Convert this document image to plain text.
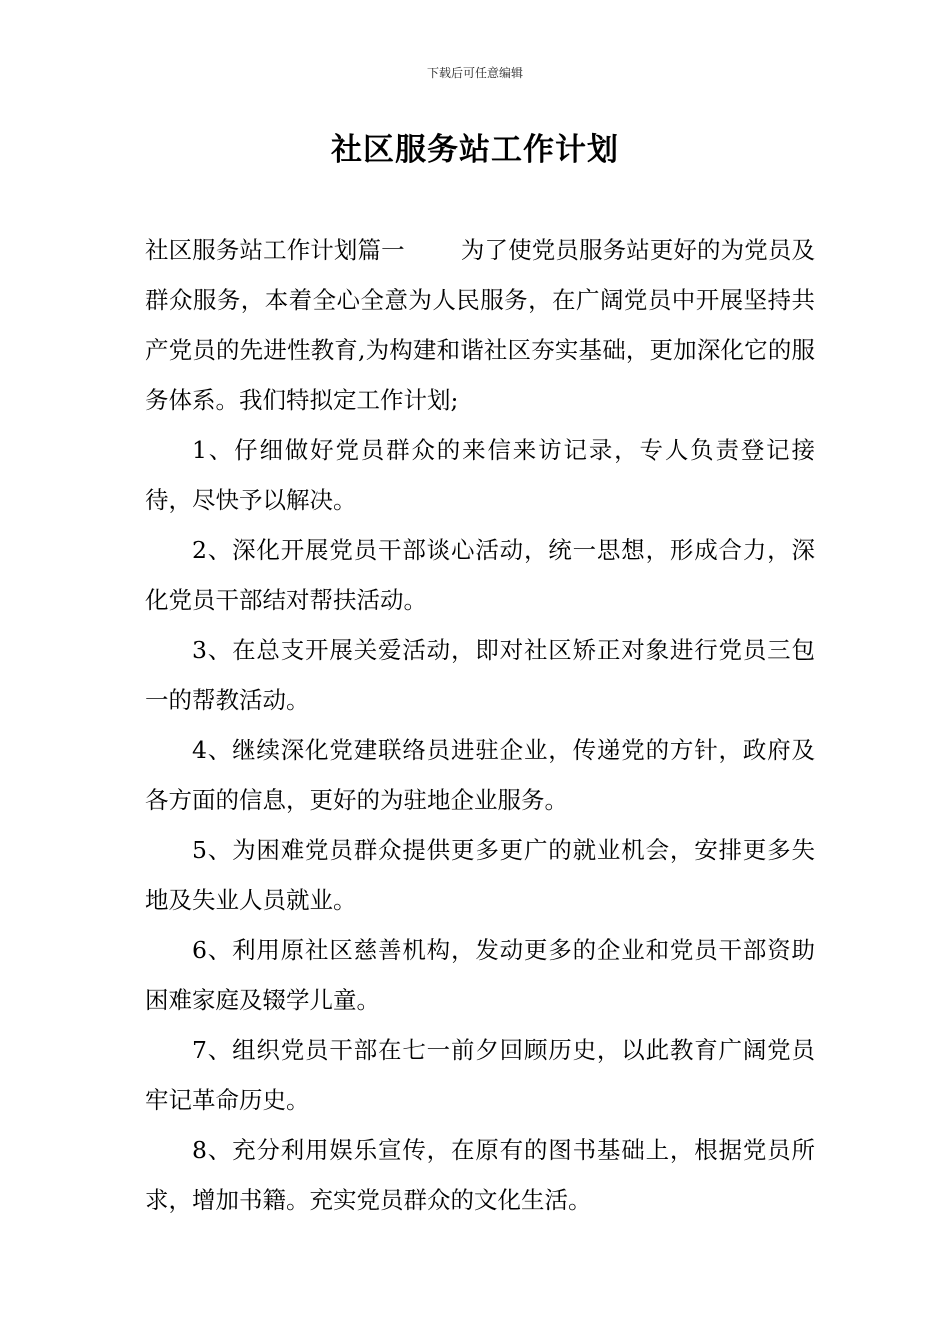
下载后可任意编辑
社区服务站工作计划

社区服务站工作计划篇一 为了使党员服务站更好的为党员及群众服务，本着全心全意为人民服务，在广阔党员中开展坚持共产党员的先进性教育,为构建和谐社区夯实基础，更加深化它的服务体系。我们特拟定工作计划;

1、仔细做好党员群众的来信来访记录，专人负责登记接待，尽快予以解决。

2、深化开展党员干部谈心活动，统一思想，形成合力，深化党员干部结对帮扶活动。

3、在总支开展关爱活动，即对社区矫正对象进行党员三包一的帮教活动。

4、继续深化党建联络员进驻企业，传递党的方针，政府及各方面的信息，更好的为驻地企业服务。

5、为困难党员群众提供更多更广的就业机会，安排更多失地及失业人员就业。

6、利用原社区慈善机构，发动更多的企业和党员干部资助困难家庭及辍学儿童。

7、组织党员干部在七一前夕回顾历史，以此教育广阔党员牢记革命历史。

8、充分利用娱乐宣传，在原有的图书基础上，根据党员所求，增加书籍。充实党员群众的文化生活。
